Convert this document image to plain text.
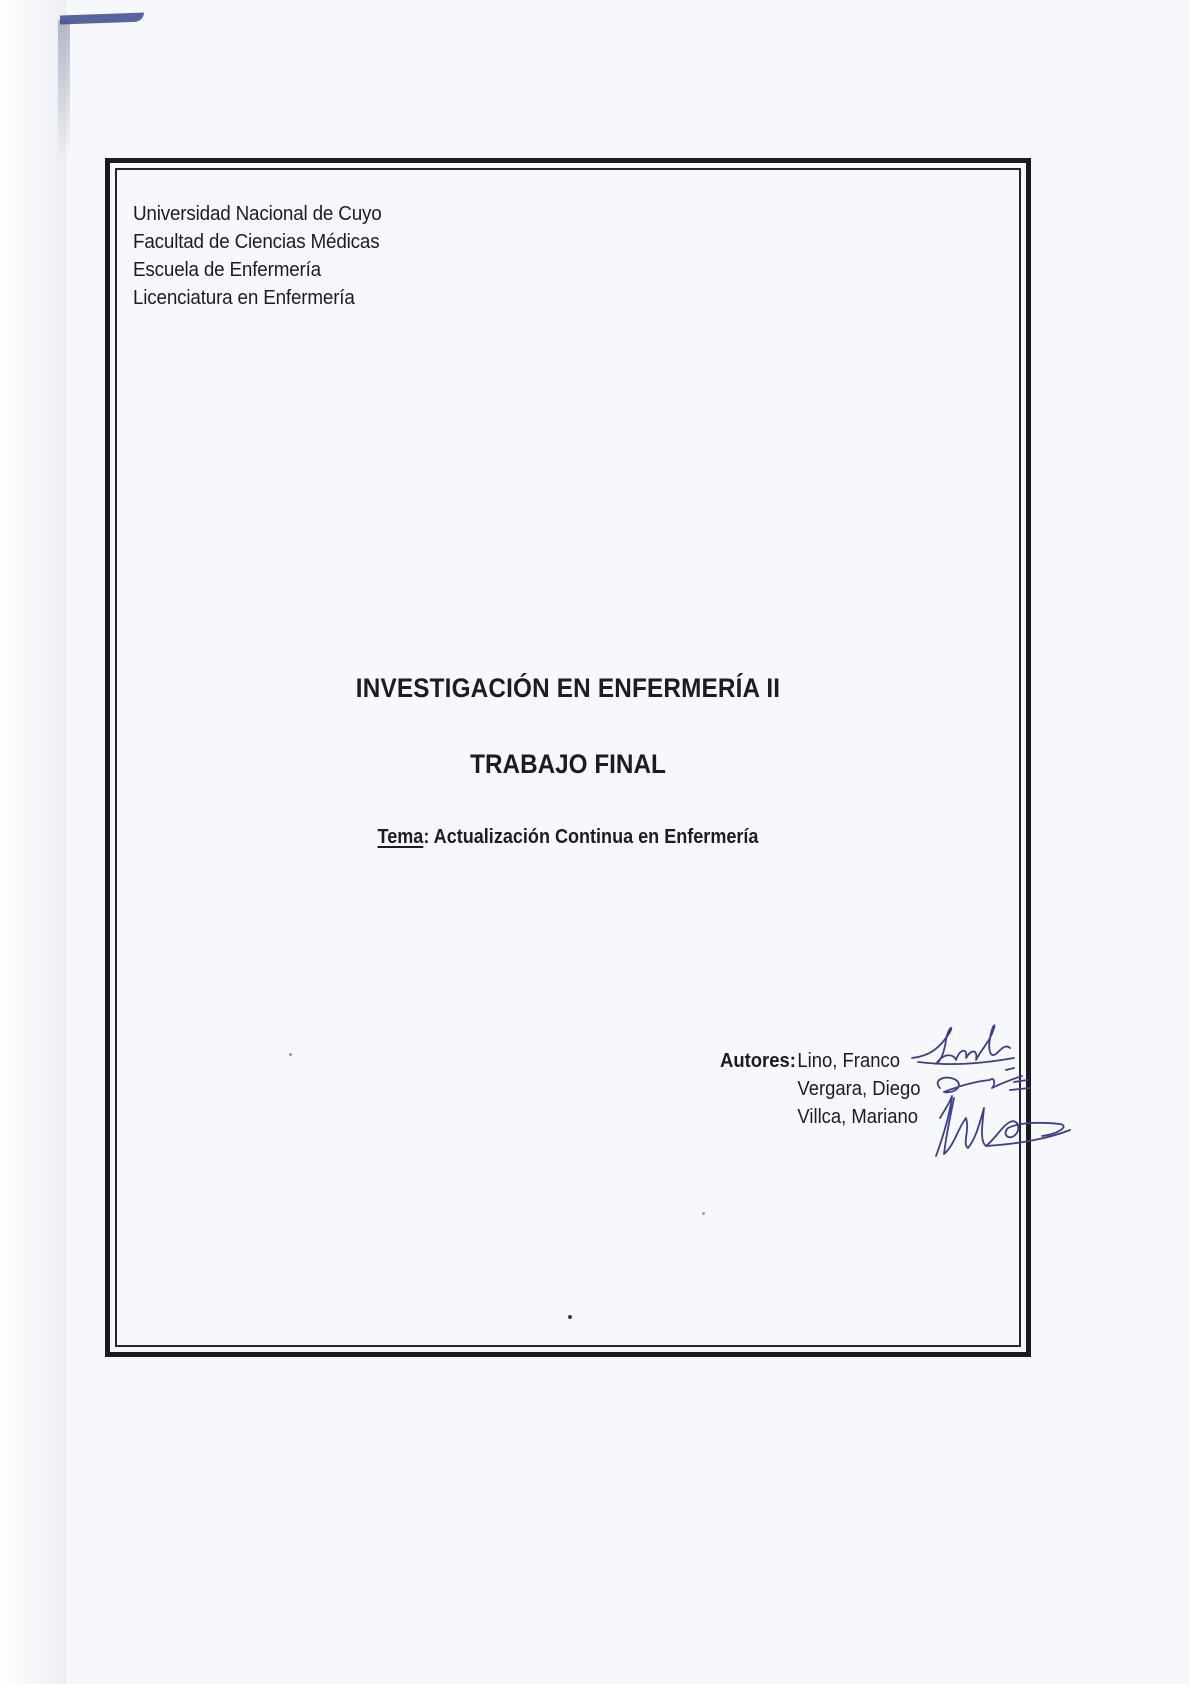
Universidad Nacional de Cuyo
Facultad de Ciencias Médicas
Escuela de Enfermería
Licenciatura en Enfermería
INVESTIGACIÓN EN ENFERMERÍA II
TRABAJO FINAL
Tema: Actualización Continua en Enfermería
Autores: Lino, Franco
Vergara, Diego
Villca, Mariano
